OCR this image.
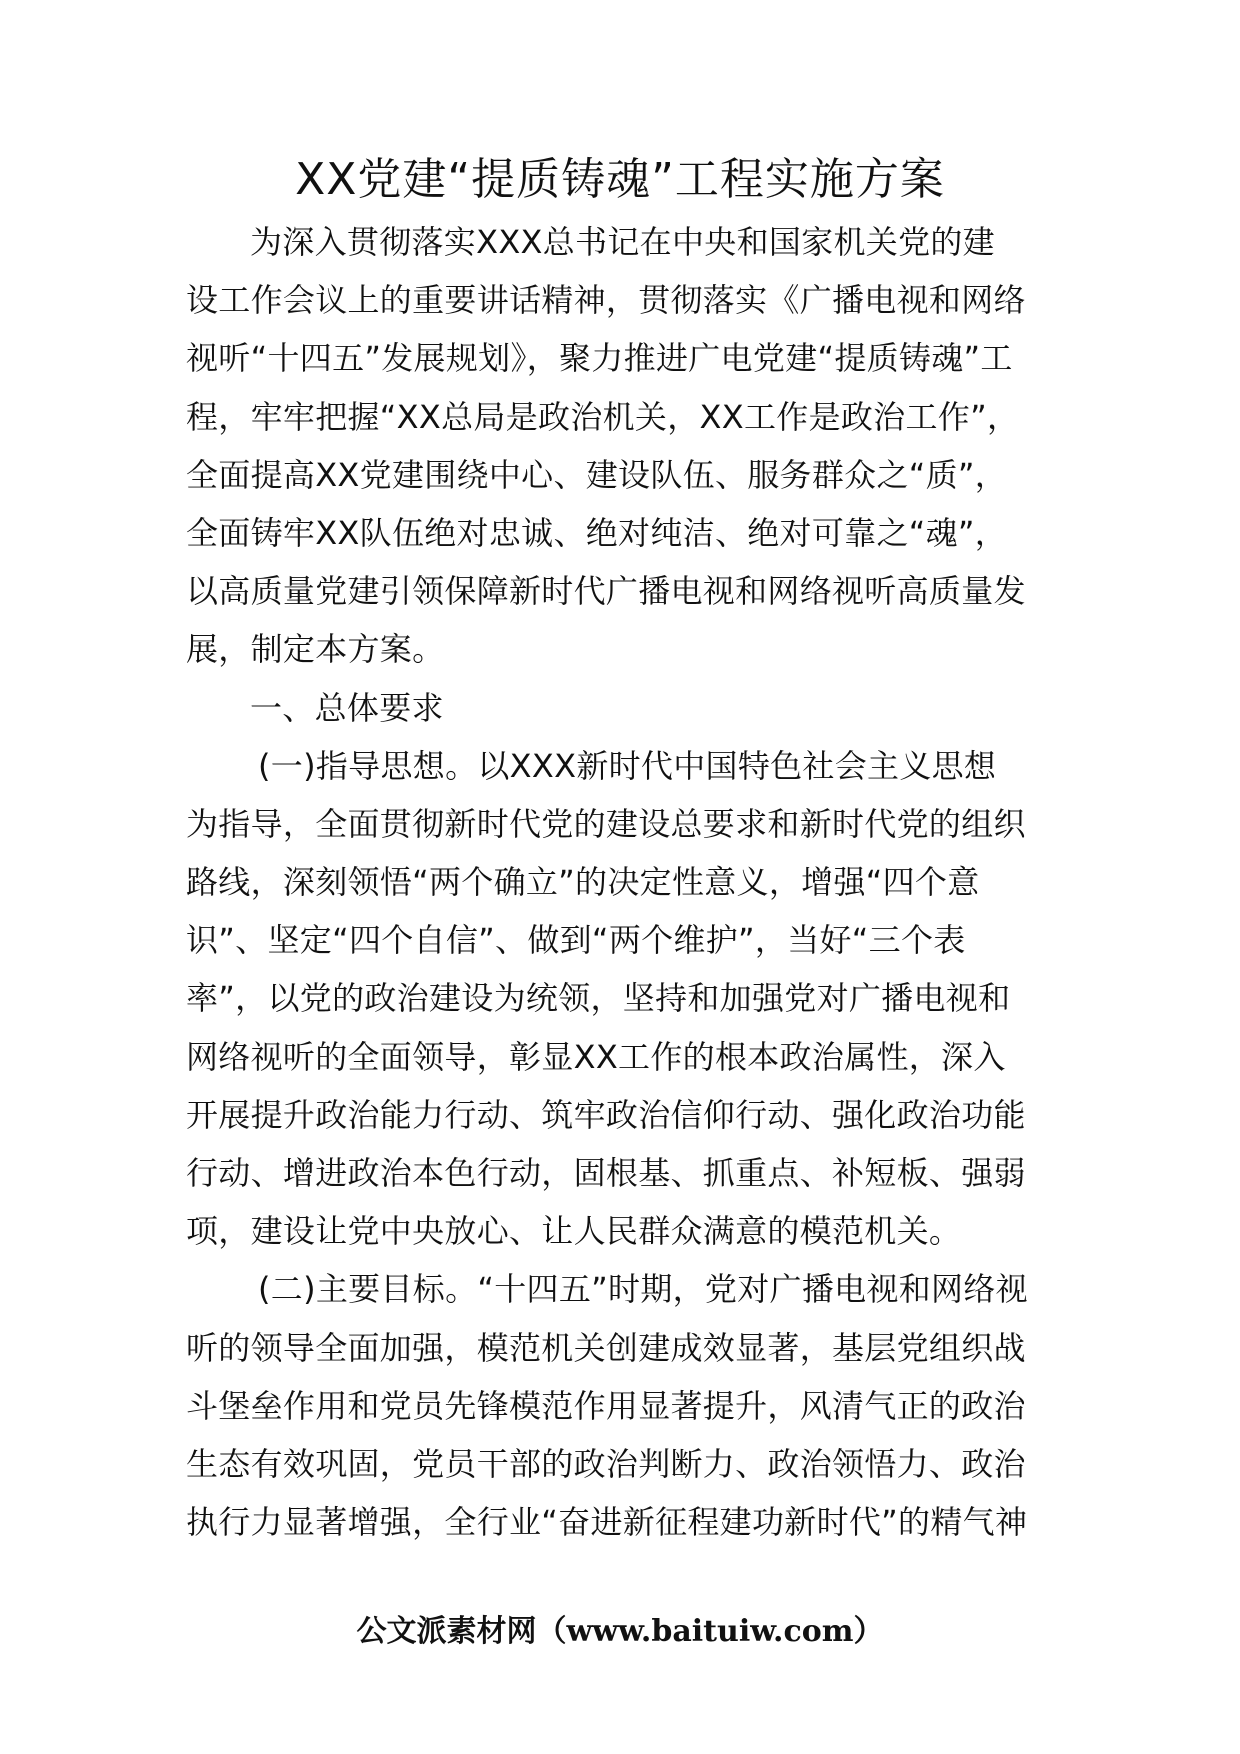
XX党建“提质铸魂”工程实施方案
为深入贯彻落实XXX总书记在中央和国家机关党的建
设工作会议上的重要讲话精神，贯彻落实《广播电视和网络
视听“十四五”发展规划》，聚力推进广电党建“提质铸魂”工
程，牢牢把握“XX总局是政治机关，XX工作是政治工作”，
全面提高XX党建围绕中心、建设队伍、服务群众之“质”，
全面铸牢XX队伍绝对忠诚、绝对纯洁、绝对可靠之“魂”，
以高质量党建引领保障新时代广播电视和网络视听高质量发
展，制定本方案。
一、总体要求
(一)指导思想。以XXX新时代中国特色社会主义思想
为指导，全面贯彻新时代党的建设总要求和新时代党的组织
路线，深刻领悟“两个确立”的决定性意义，增强“四个意
识”、坚定“四个自信”、做到“两个维护”，当好“三个表
率”，以党的政治建设为统领，坚持和加强党对广播电视和
网络视听的全面领导，彰显XX工作的根本政治属性，深入
开展提升政治能力行动、筑牢政治信仰行动、强化政治功能
行动、增进政治本色行动，固根基、抓重点、补短板、强弱
项，建设让党中央放心、让人民群众满意的模范机关。
(二)主要目标。“十四五”时期，党对广播电视和网络视
听的领导全面加强，模范机关创建成效显著，基层党组织战
斗堡垒作用和党员先锋模范作用显著提升，风清气正的政治
生态有效巩固，党员干部的政治判断力、政治领悟力、政治
执行力显著增强，全行业“奋进新征程建功新时代”的精气神
公文派素材网（www.baituiw.com）
